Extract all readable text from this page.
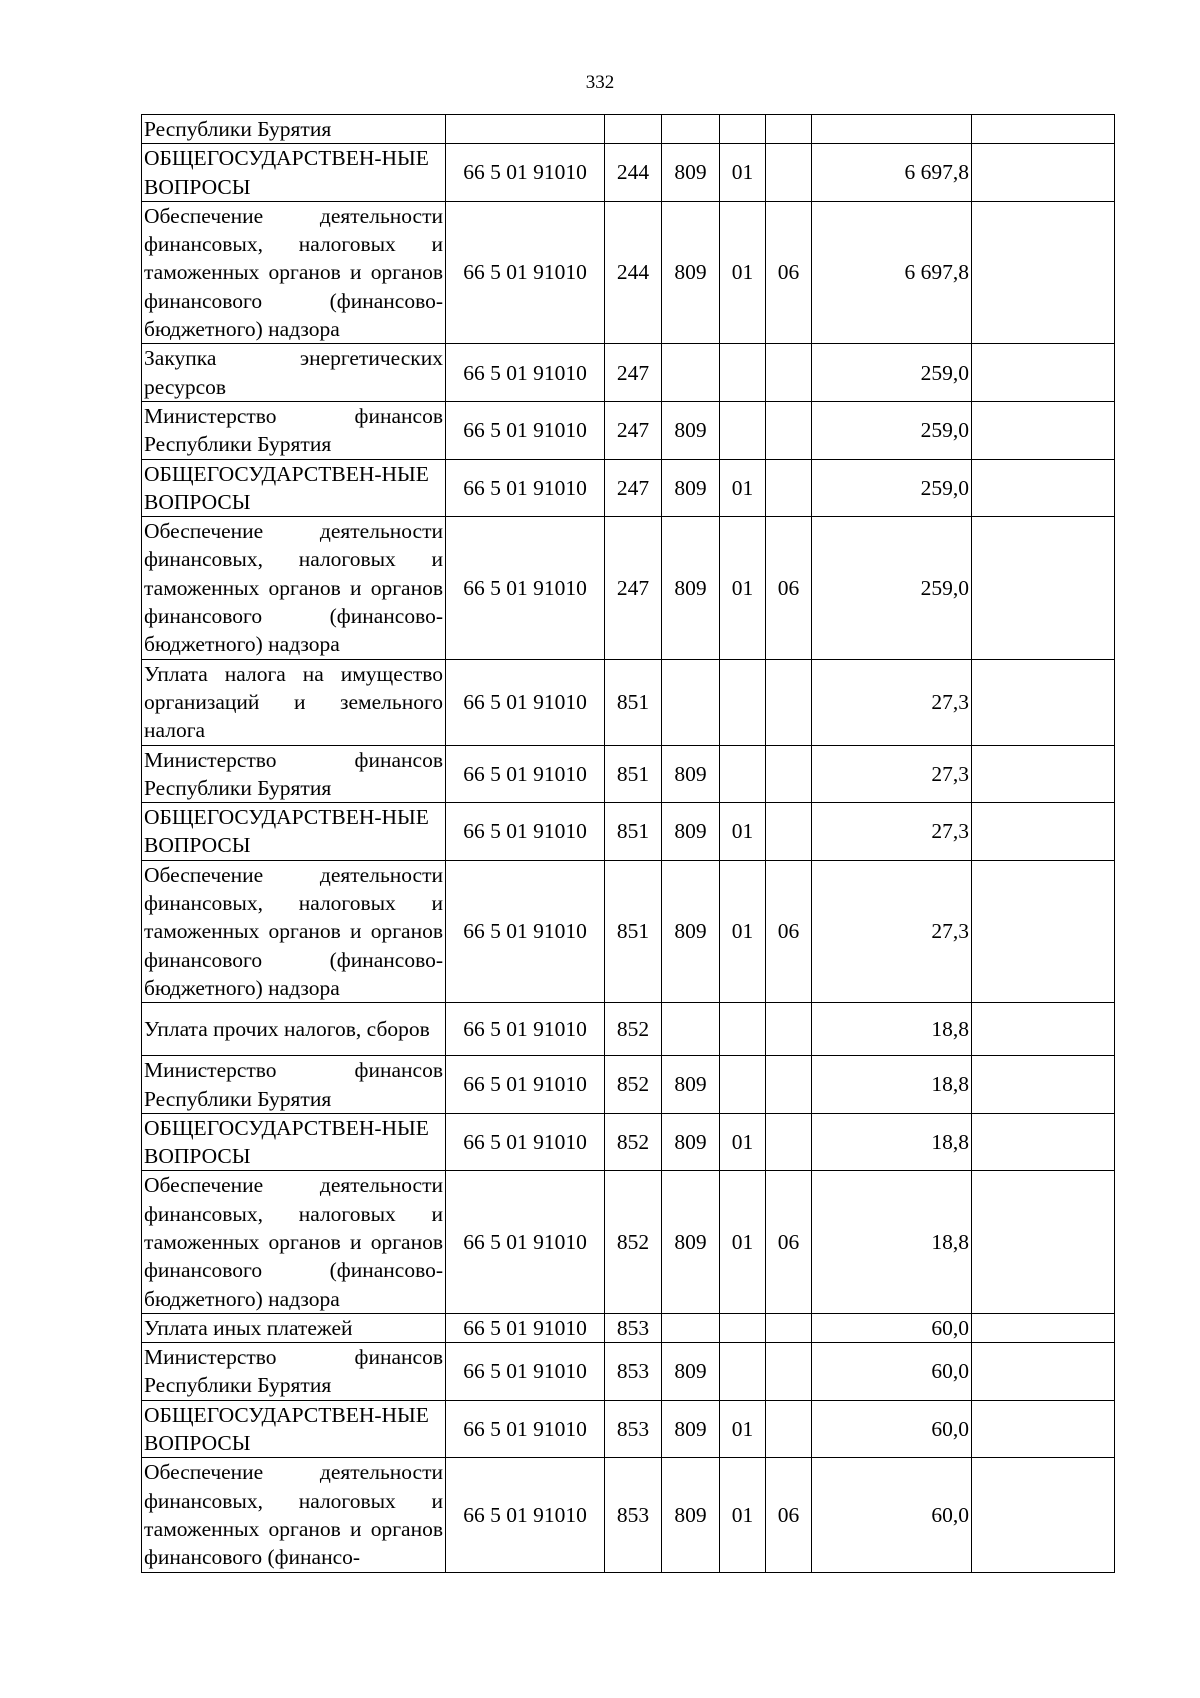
332
Республики Бурятия							
ОБЩЕГОСУДАРСТВЕН-НЫЕ ВОПРОСЫ	66 5 01 91010	244	809	01		6 697,8	
Обеспечение деятельности финансовых, налоговых и таможенных органов и органов финансового (финансово-бюджетного) надзора	66 5 01 91010	244	809	01	06	6 697,8	
Закупка энергетических ресурсов	66 5 01 91010	247				259,0	
Министерство финансов Республики Бурятия	66 5 01 91010	247	809			259,0	
ОБЩЕГОСУДАРСТВЕН-НЫЕ ВОПРОСЫ	66 5 01 91010	247	809	01		259,0	
Обеспечение деятельности финансовых, налоговых и таможенных органов и органов финансового (финансово-бюджетного) надзора	66 5 01 91010	247	809	01	06	259,0	
Уплата налога на имущество организаций и земельного налога	66 5 01 91010	851				27,3	
Министерство финансов Республики Бурятия	66 5 01 91010	851	809			27,3	
ОБЩЕГОСУДАРСТВЕН-НЫЕ ВОПРОСЫ	66 5 01 91010	851	809	01		27,3	
Обеспечение деятельности финансовых, налоговых и таможенных органов и органов финансового (финансово-бюджетного) надзора	66 5 01 91010	851	809	01	06	27,3	
Уплата прочих налогов, сборов	66 5 01 91010	852				18,8	
Министерство финансов Республики Бурятия	66 5 01 91010	852	809			18,8	
ОБЩЕГОСУДАРСТВЕН-НЫЕ ВОПРОСЫ	66 5 01 91010	852	809	01		18,8	
Обеспечение деятельности финансовых, налоговых и таможенных органов и органов финансового (финансово-бюджетного) надзора	66 5 01 91010	852	809	01	06	18,8	
Уплата иных платежей	66 5 01 91010	853				60,0	
Министерство финансов Республики Бурятия	66 5 01 91010	853	809			60,0	
ОБЩЕГОСУДАРСТВЕН-НЫЕ ВОПРОСЫ	66 5 01 91010	853	809	01		60,0	
Обеспечение деятельности финансовых, налоговых и таможенных органов и органов финансового (финансо-	66 5 01 91010	853	809	01	06	60,0	
